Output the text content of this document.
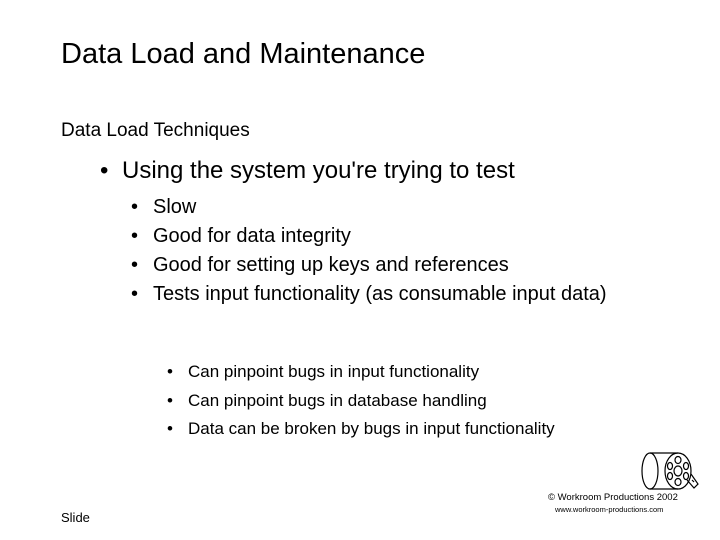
Data Load and Maintenance
Data Load Techniques
• Using the system you're trying to test
• Slow
• Good for data integrity
• Good for setting up keys and references
• Tests input functionality (as consumable input data)
• Can pinpoint bugs in input functionality
• Can pinpoint bugs in database handling
• Data can be broken by bugs in input functionality
Slide
© Workroom Productions 2002
www.workroom-productions.com
